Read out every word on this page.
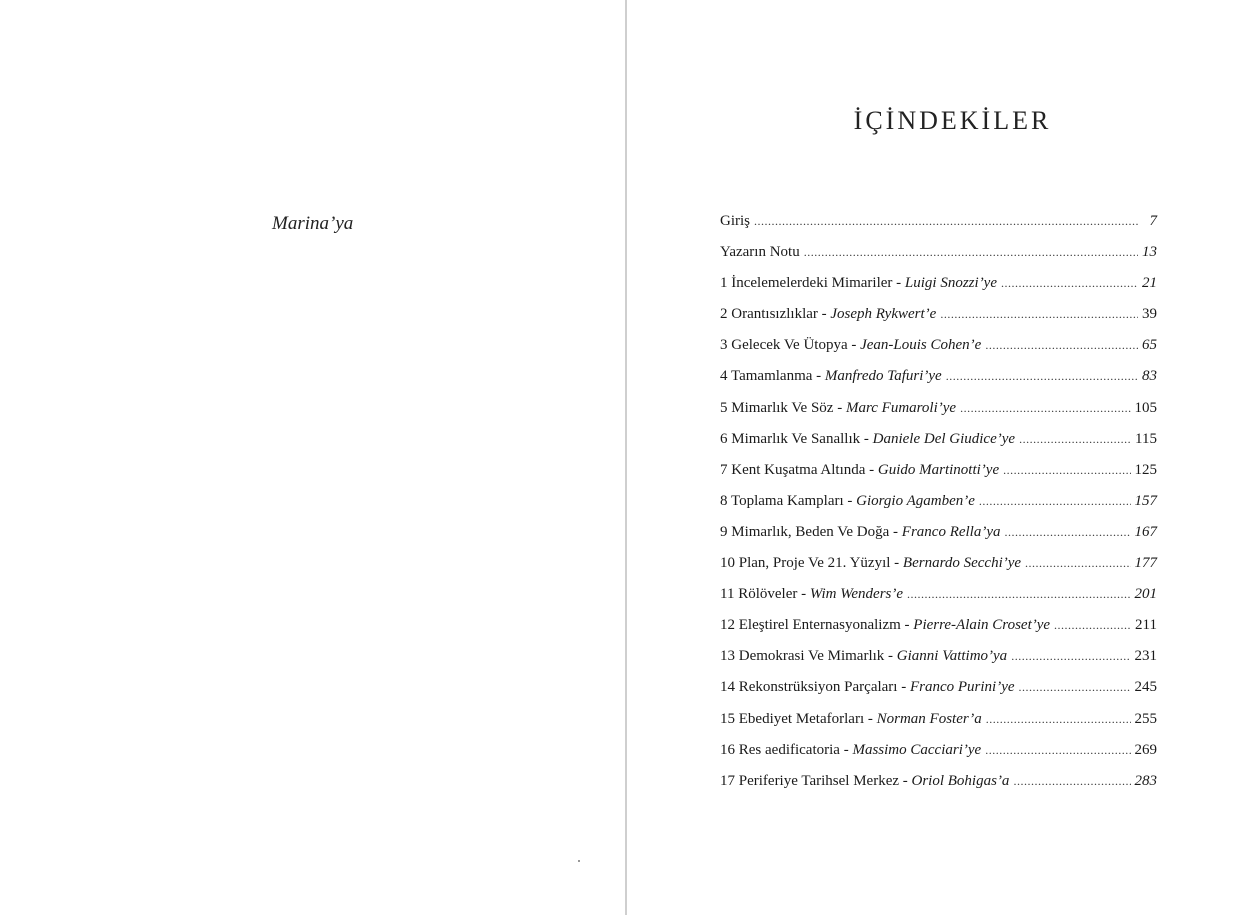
Marina’ya
İÇİNDEKİLER
Giriş .....	7
Yazarın Notu .....	13
1 İncelemelerdeki Mimariler - Luigi Snozzi’ye .....	21
2 Orantısızlıklar - Joseph Rykwert’e .....	39
3 Gelecek Ve Ütopya - Jean-Louis Cohen’e .....	65
4 Tamamlanma - Manfredo Tafuri’ye .....	83
5 Mimarlık Ve Söz - Marc Fumaroli’ye .....	105
6 Mimarlık Ve Sanallık - Daniele Del Giudice’ye .....	115
7 Kent Kuşatma Altında - Guido Martinotti’ye .....	125
8 Toplama Kampları - Giorgio Agamben’e .....	157
9 Mimarlık, Beden Ve Doğa - Franco Rella’ya .....	167
10 Plan, Proje Ve 21. Yüzyıl - Bernardo Secchi’ye .....	177
11 Rölöveler - Wim Wenders’e .....	201
12 Eleştirel Enternasyonalizm - Pierre-Alain Croset’ye .....	211
13 Demokrasi Ve Mimarlık - Gianni Vattimo’ya .....	231
14 Rekonstrüksiyon Parçaları - Franco Purini’ye .....	245
15 Ebediyet Metaforları - Norman Foster’a .....	255
16 Res aedificatoria - Massimo Cacciari’ye .....	269
17 Periferiye Tarihsel Merkez - Oriol Bohigas’a .....	283
